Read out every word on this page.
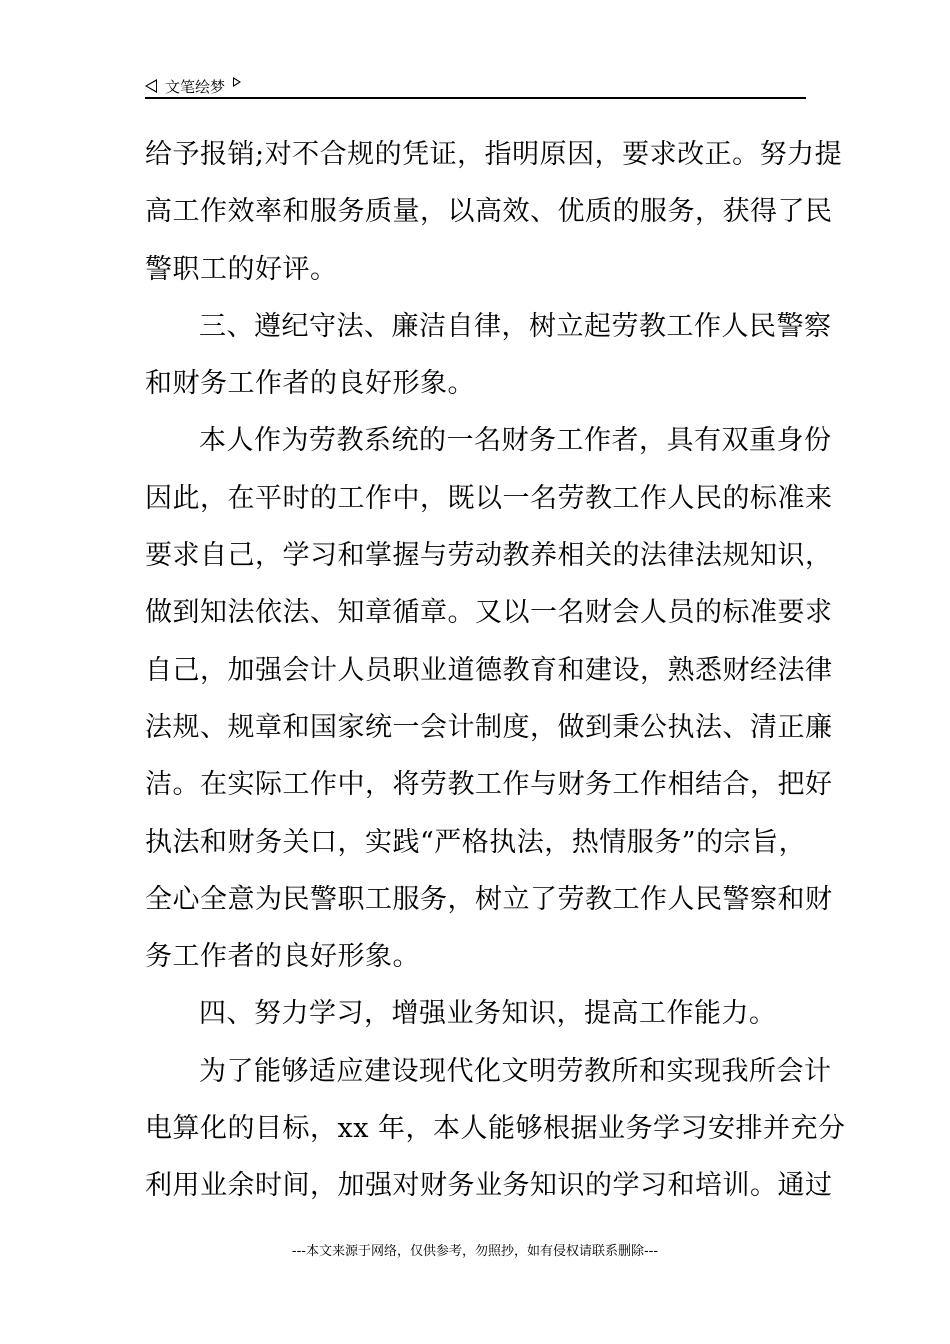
文笔绘梦
给予报销;对不合规的凭证，指明原因，要求改正。努力提
高工作效率和服务质量，以高效、优质的服务，获得了民
警职工的好评。
三、遵纪守法、廉洁自律，树立起劳教工作人民警察
和财务工作者的良好形象。
本人作为劳教系统的一名财务工作者，具有双重身份
因此，在平时的工作中，既以一名劳教工作人民的标准来
要求自己，学习和掌握与劳动教养相关的法律法规知识，
做到知法依法、知章循章。又以一名财会人员的标准要求
自己，加强会计人员职业道德教育和建设，熟悉财经法律
法规、规章和国家统一会计制度，做到秉公执法、清正廉
洁。在实际工作中，将劳教工作与财务工作相结合，把好
执法和财务关口，实践“严格执法，热情服务”的宗旨，
全心全意为民警职工服务，树立了劳教工作人民警察和财
务工作者的良好形象。
四、努力学习，增强业务知识，提高工作能力。
为了能够适应建设现代化文明劳教所和实现我所会计
电算化的目标，xx 年，本人能够根据业务学习安排并充分
利用业余时间，加强对财务业务知识的学习和培训。通过
---本文来源于网络，仅供参考，勿照抄，如有侵权请联系删除---
